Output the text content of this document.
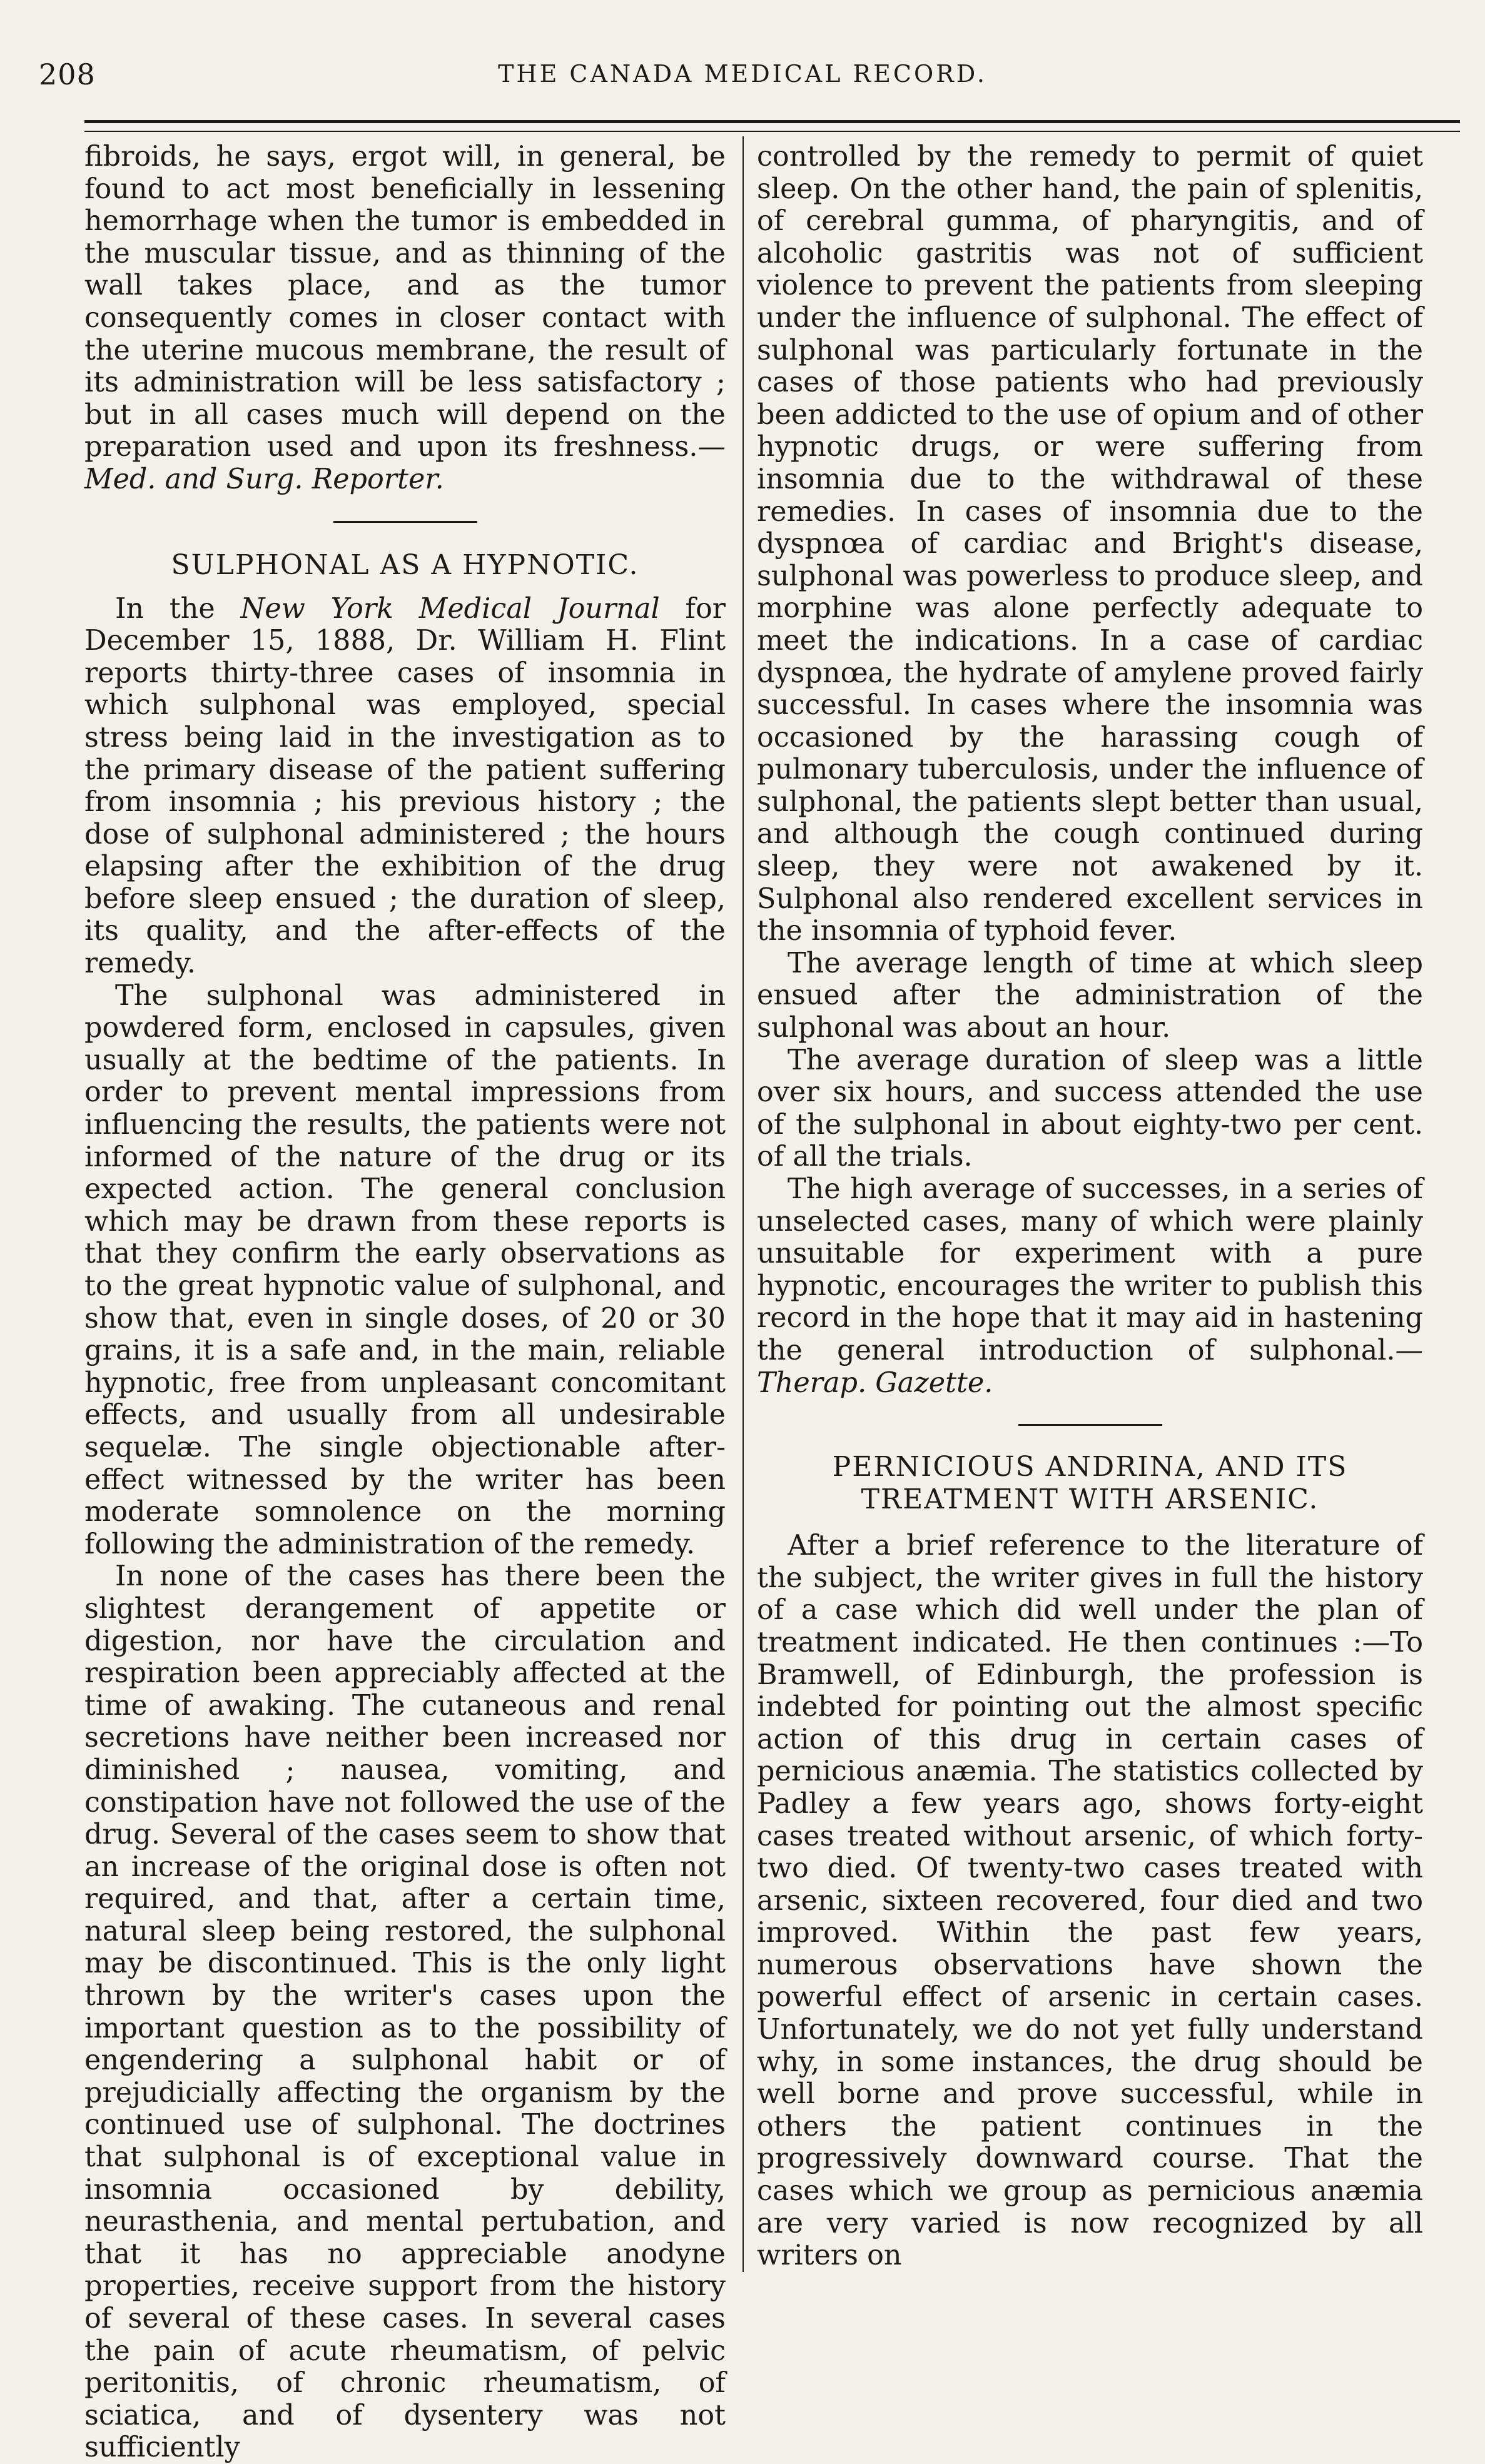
208	THE CANADA MEDICAL RECORD.

fibroids, he says, ergot will, in general, be found to act most beneficially in lessening hemorrhage when the tumor is embedded in the muscular tissue, and as thinning of the wall takes place, and as the tumor consequently comes in closer contact with the uterine mucous membrane, the result of its administration will be less satisfactory ; but in all cases much will depend on the preparation used and upon its freshness.—Med. and Surg. Reporter.

SULPHONAL AS A HYPNOTIC.

In the New York Medical Journal for December 15, 1888, Dr. William H. Flint reports thirty-three cases of insomnia in which sulphonal was employed, special stress being laid in the investigation as to the primary disease of the patient suffering from insomnia ; his previous history ; the dose of sulphonal administered ; the hours elapsing after the exhibition of the drug before sleep ensued ; the duration of sleep, its quality, and the after-effects of the remedy.

The sulphonal was administered in powdered form, enclosed in capsules, given usually at the bedtime of the patients. In order to prevent mental impressions from influencing the results, the patients were not informed of the nature of the drug or its expected action. The general conclusion which may be drawn from these reports is that they confirm the early observations as to the great hypnotic value of sulphonal, and show that, even in single doses, of 20 or 30 grains, it is a safe and, in the main, reliable hypnotic, free from unpleasant concomitant effects, and usually from all undesirable sequelæ. The single objectionable after-effect witnessed by the writer has been moderate somnolence on the morning following the administration of the remedy.

In none of the cases has there been the slightest derangement of appetite or digestion, nor have the circulation and respiration been appreciably affected at the time of awaking. The cutaneous and renal secretions have neither been increased nor diminished ; nausea, vomiting, and constipation have not followed the use of the drug. Several of the cases seem to show that an increase of the original dose is often not required, and that, after a certain time, natural sleep being restored, the sulphonal may be discontinued. This is the only light thrown by the writer's cases upon the important question as to the possibility of engendering a sulphonal habit or of prejudicially affecting the organism by the continued use of sulphonal. The doctrines that sulphonal is of exceptional value in insomnia occasioned by debility, neurasthenia, and mental pertubation, and that it has no appreciable anodyne properties, receive support from the history of several of these cases. In several cases the pain of acute rheumatism, of pelvic peritonitis, of chronic rheumatism, of sciatica, and of dysentery was not sufficiently

controlled by the remedy to permit of quiet sleep. On the other hand, the pain of splenitis, of cerebral gumma, of pharyngitis, and of alcoholic gastritis was not of sufficient violence to prevent the patients from sleeping under the influence of sulphonal. The effect of sulphonal was particularly fortunate in the cases of those patients who had previously been addicted to the use of opium and of other hypnotic drugs, or were suffering from insomnia due to the withdrawal of these remedies. In cases of insomnia due to the dyspnœa of cardiac and Bright's disease, sulphonal was powerless to produce sleep, and morphine was alone perfectly adequate to meet the indications. In a case of cardiac dyspnœa, the hydrate of amylene proved fairly successful. In cases where the insomnia was occasioned by the harassing cough of pulmonary tuberculosis, under the influence of sulphonal, the patients slept better than usual, and although the cough continued during sleep, they were not awakened by it. Sulphonal also rendered excellent services in the insomnia of typhoid fever.

The average length of time at which sleep ensued after the administration of the sulphonal was about an hour.

The average duration of sleep was a little over six hours, and success attended the use of the sulphonal in about eighty-two per cent. of all the trials.

The high average of successes, in a series of unselected cases, many of which were plainly unsuitable for experiment with a pure hypnotic, encourages the writer to publish this record in the hope that it may aid in hastening the general introduction of sulphonal.—Therap. Gazette.

PERNICIOUS ANDRINA, AND ITS TREATMENT WITH ARSENIC.

After a brief reference to the literature of the subject, the writer gives in full the history of a case which did well under the plan of treatment indicated. He then continues :—To Bramwell, of Edinburgh, the profession is indebted for pointing out the almost specific action of this drug in certain cases of pernicious anæmia. The statistics collected by Padley a few years ago, shows forty-eight cases treated without arsenic, of which forty-two died. Of twenty-two cases treated with arsenic, sixteen recovered, four died and two improved. Within the past few years, numerous observations have shown the powerful effect of arsenic in certain cases. Unfortunately, we do not yet fully understand why, in some instances, the drug should be well borne and prove successful, while in others the patient continues in the progressively downward course. That the cases which we group as pernicious anæmia are very varied is now recognized by all writers on
